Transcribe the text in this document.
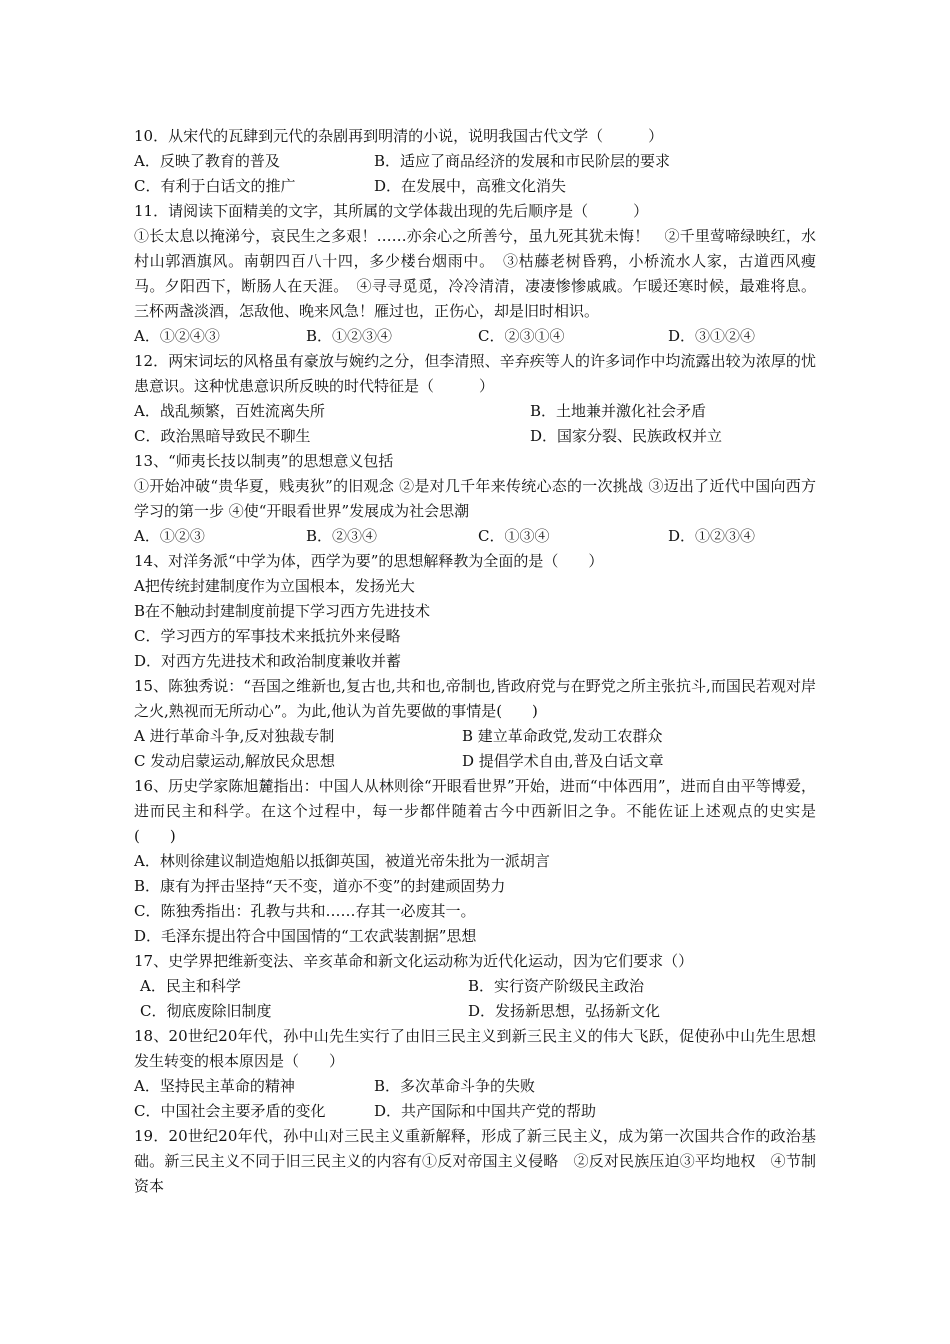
10．从宋代的瓦肆到元代的杂剧再到明清的小说，说明我国古代文学（　　　）

A．反映了教育的普及	B．适应了商品经济的发展和市民阶层的要求
C．有利于白话文的推广	D．在发展中，高雅文化消失

11．请阅读下面精美的文字，其所属的文学体裁出现的先后顺序是（　　　）

①长太息以掩涕兮，哀民生之多艰！……亦余心之所善兮，虽九死其犹未悔！　②千里莺啼绿映红，水村山郭酒旗风。南朝四百八十四，多少楼台烟雨中。　③枯藤老树昏鸦，小桥流水人家，古道西风瘦马。夕阳西下，断肠人在天涯。　④寻寻觅觅，冷冷清清，凄凄惨惨戚戚。乍暖还寒时候，最难将息。三杯两盏淡酒，怎敌他、晚来风急！雁过也，正伤心，却是旧时相识。

A．①②④③	B．①②③④	C．②③①④	D．③①②④

12．两宋词坛的风格虽有豪放与婉约之分，但李清照、辛弃疾等人的许多词作中均流露出较为浓厚的忧患意识。这种忧患意识所反映的时代特征是（　　　）

A．战乱频繁，百姓流离失所	B．土地兼并激化社会矛盾
C．政治黑暗导致民不聊生	D．国家分裂、民族政权并立

13、“师夷长技以制夷”的思想意义包括

①开始冲破“贵华夏，贱夷狄”的旧观念 ②是对几千年来传统心态的一次挑战 ③迈出了近代中国向西方学习的第一步 ④使“开眼看世界”发展成为社会思潮

A．①②③	B．②③④	C．①③④	D．①②③④

14、对洋务派“中学为体，西学为要”的思想解释教为全面的是（　　）

A把传统封建制度作为立国根本，发扬光大
B在不触动封建制度前提下学习西方先进技术
C．学习西方的军事技术来抵抗外来侵略
D．对西方先进技术和政治制度兼收并蓄

15、陈独秀说：“吾国之维新也,复古也,共和也,帝制也,皆政府党与在野党之所主张抗斗,而国民若观对岸之火,熟视而无所动心”。为此,他认为首先要做的事情是(　　)

A 进行革命斗争,反对独裁专制	B 建立革命政党,发动工农群众
C 发动启蒙运动,解放民众思想	D 提倡学术自由,普及白话文章

16、历史学家陈旭麓指出：中国人从林则徐“开眼看世界”开始，进而“中体西用”，进而自由平等博爱，进而民主和科学。在这个过程中，每一步都伴随着古今中西新旧之争。不能佐证上述观点的史实是(　　)

A．林则徐建议制造炮船以抵御英国，被道光帝朱批为一派胡言
B．康有为抨击坚持“天不变，道亦不变”的封建顽固势力
C．陈独秀指出：孔教与共和……存其一必废其一。
D．毛泽东提出符合中国国情的“工农武装割据”思想

17、史学界把维新变法、辛亥革命和新文化运动称为近代化运动，因为它们要求（）

A．民主和科学	B．实行资产阶级民主政治
C．彻底废除旧制度	D．发扬新思想，弘扬新文化

18、20世纪20年代，孙中山先生实行了由旧三民主义到新三民主义的伟大飞跃，促使孙中山先生思想发生转变的根本原因是（　　）

A．坚持民主革命的精神	B．多次革命斗争的失败
C．中国社会主要矛盾的变化	D．共产国际和中国共产党的帮助

19．20世纪20年代，孙中山对三民主义重新解释，形成了新三民主义，成为第一次国共合作的政治基础。新三民主义不同于旧三民主义的内容有①反对帝国主义侵略　②反对民族压迫③平均地权　④节制资本
